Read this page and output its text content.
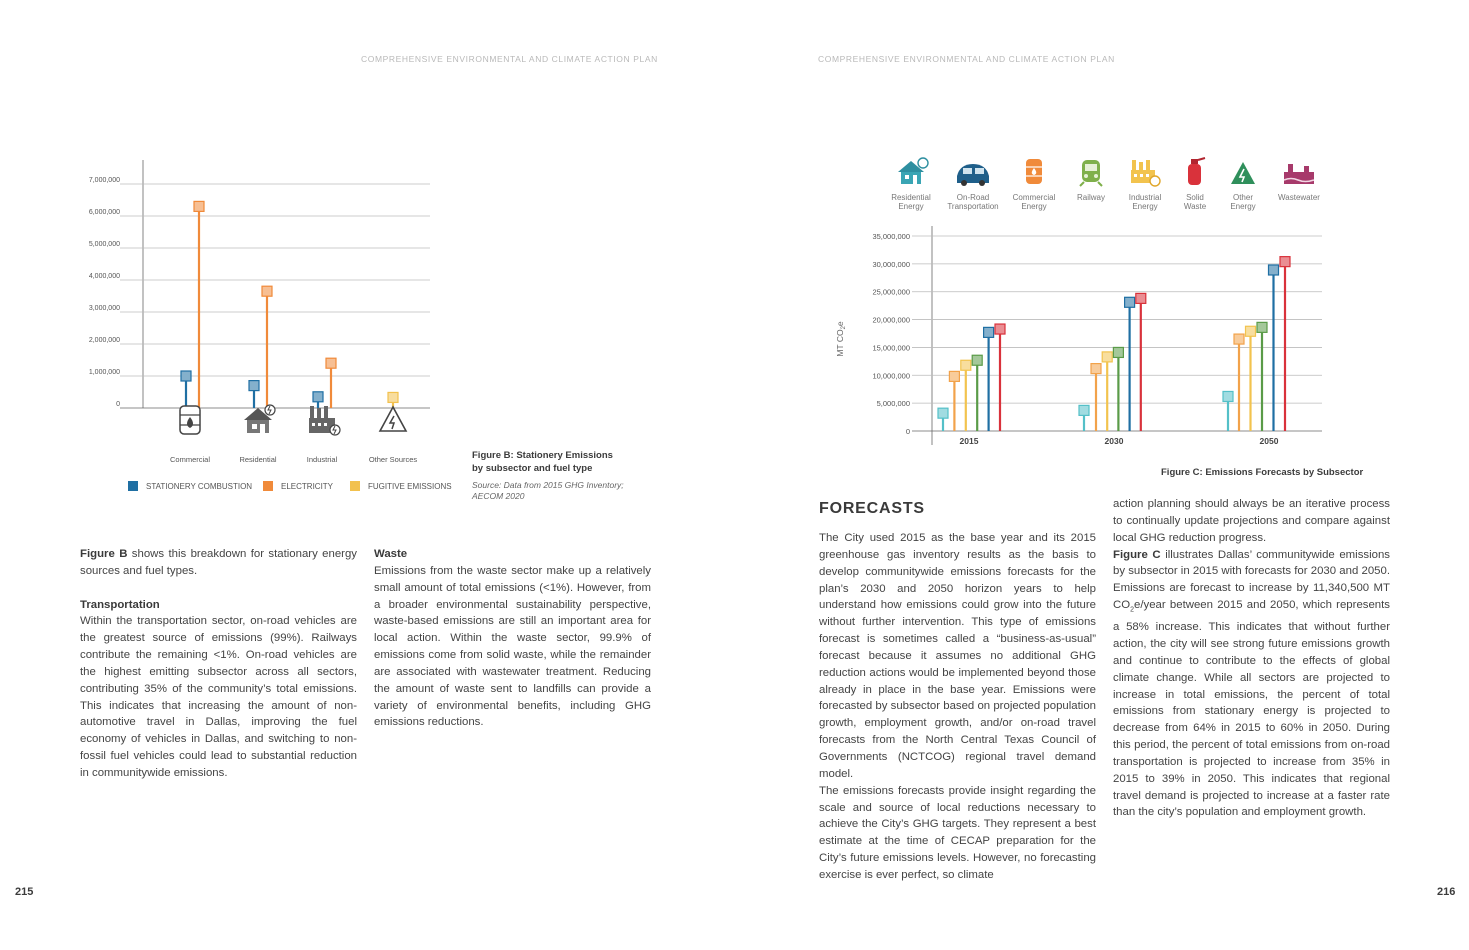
COMPREHENSIVE ENVIRONMENTAL AND CLIMATE ACTION PLAN	COMPREHENSIVE ENVIRONMENTAL AND CLIMATE ACTION PLAN
215	216
0
1,000,000
2,000,000
3,000,000
4,000,000
5,000,000
6,000,000
7,000,000
Commercial	Residential	Industrial	Other Sources
STATIONERY COMBUSTION	ELECTRICITY	FUGITIVE EMISSIONS
Figure B: Stationery Emissions by subsector and fuel type
Source: Data from 2015 GHG Inventory; AECOM 2020

Figure B shows this breakdown for stationary energy sources and fuel types.

Transportation

Within the transportation sector, on-road vehicles are the greatest source of emissions (99%). Railways contribute the remaining <1%. On-road vehicles are the highest emitting subsector across all sectors, contributing 35% of the community’s total emissions. This indicates that increasing the amount of non-automotive travel in Dallas, improving the fuel economy of vehicles in Dallas, and switching to non-fossil fuel vehicles could lead to substantial reduction in communitywide emissions.

Waste

Emissions from the waste sector make up a relatively small amount of total emissions (<1%). However, from a broader environmental sustainability perspective, waste-based emissions are still an important area for local action. Within the waste sector, 99.9% of emissions come from solid waste, while the remainder are associated with wastewater treatment. Reducing the amount of waste sent to landfills can provide a variety of environmental benefits, including GHG emissions reductions.

Residential
Energy
On-Road
Transportation
Commercial
Energy
Railway	Industrial
Energy
Solid
Waste
Other
Energy
Wastewater
0
5,000,000
10,000,000
15,000,000
20,000,000
25,000,000
30,000,000
35,000,000
2015	2030	2050
MT $CO_2e$
Figure C: Emissions Forecasts by Subsector
FORECASTS

The City used 2015 as the base year and its 2015 greenhouse gas inventory results as the basis to develop communitywide emissions forecasts for the plan’s 2030 and 2050 horizon years to help understand how emissions could grow into the future without further intervention. This type of emissions forecast is sometimes called a “business-as-usual” forecast because it assumes no additional GHG reduction actions would be implemented beyond those already in place in the base year. Emissions were forecasted by subsector based on projected population growth, employment growth, and/or on-road travel forecasts from the North Central Texas Council of Governments (NCTCOG) regional travel demand model.

The emissions forecasts provide insight regarding the scale and source of local reductions necessary to achieve the City’s GHG targets. They represent a best estimate at the time of CECAP preparation for the City’s future emissions levels. However, no forecasting exercise is ever perfect, so climate

action planning should always be an iterative process to continually update projections and compare against local GHG reduction progress.

Figure C illustrates Dallas’ communitywide emissions by subsector in 2015 with forecasts for 2030 and 2050. Emissions are forecast to increase by 11,340,500 MT $CO_2e$/year between 2015 and 2050, which represents a 58% increase. This indicates that without further action, the city will see strong future emissions growth and continue to contribute to the effects of global climate change. While all sectors are projected to increase in total emissions, the percent of total emissions from stationary energy is projected to decrease from 64% in 2015 to 60% in 2050. During this period, the percent of total emissions from on-road transportation is projected to increase from 35% in 2015 to 39% in 2050. This indicates that regional travel demand is projected to increase at a faster rate than the city’s population and employment growth.
